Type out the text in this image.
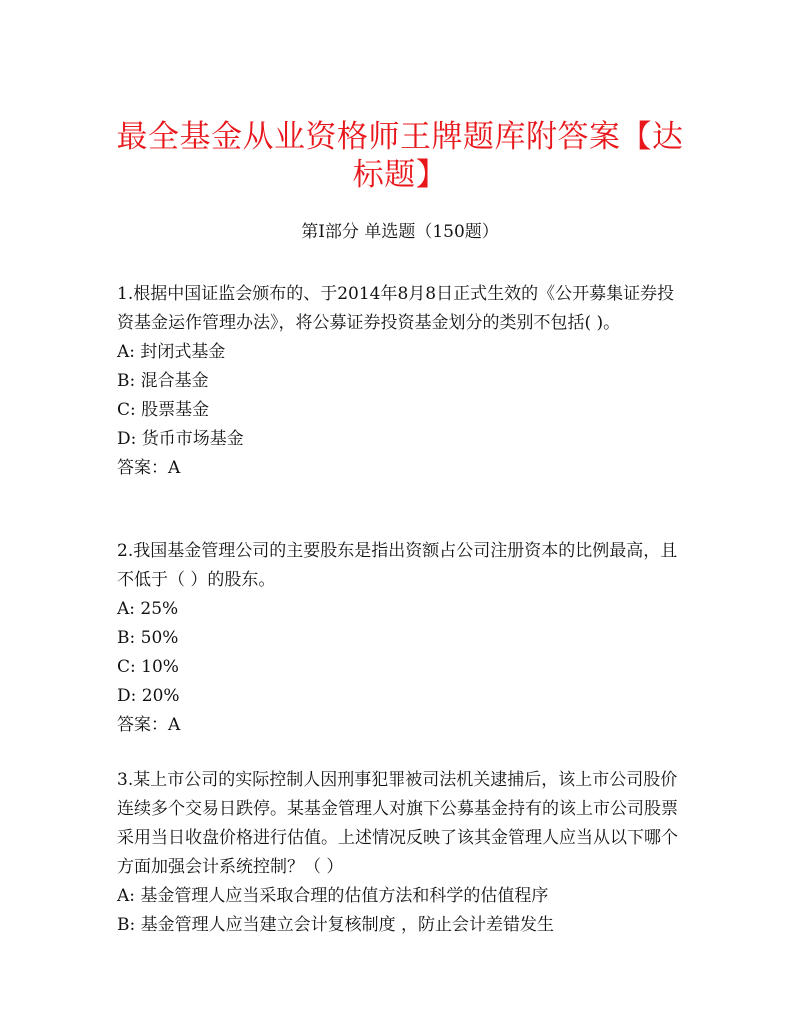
最全基金从业资格师王牌题库附答案【达标题】
第Ⅰ部分 单选题（150题）

1.根据中国证监会颁布的、于2014年8月8日正式生效的《公开募集证券投资基金运作管理办法》，将公募证券投资基金划分的类别不包括( )。

A: 封闭式基金

B: 混合基金

C: 股票基金

D: 货币市场基金

答案：A

2.我国基金管理公司的主要股东是指出资额占公司注册资本的比例最高，且不低于（ ）的股东。

A: 25%

B: 50%

C: 10%

D: 20%

答案：A

3.某上市公司的实际控制人因刑事犯罪被司法机关逮捕后，该上市公司股价连续多个交易日跌停。某基金管理人对旗下公募基金持有的该上市公司股票采用当日收盘价格进行估值。上述情况反映了该其金管理人应当从以下哪个方面加强会计系统控制？（ ）

A: 基金管理人应当采取合理的估值方法和科学的估值程序

B: 基金管理人应当建立会计复核制度 ，防止会计差错发生
